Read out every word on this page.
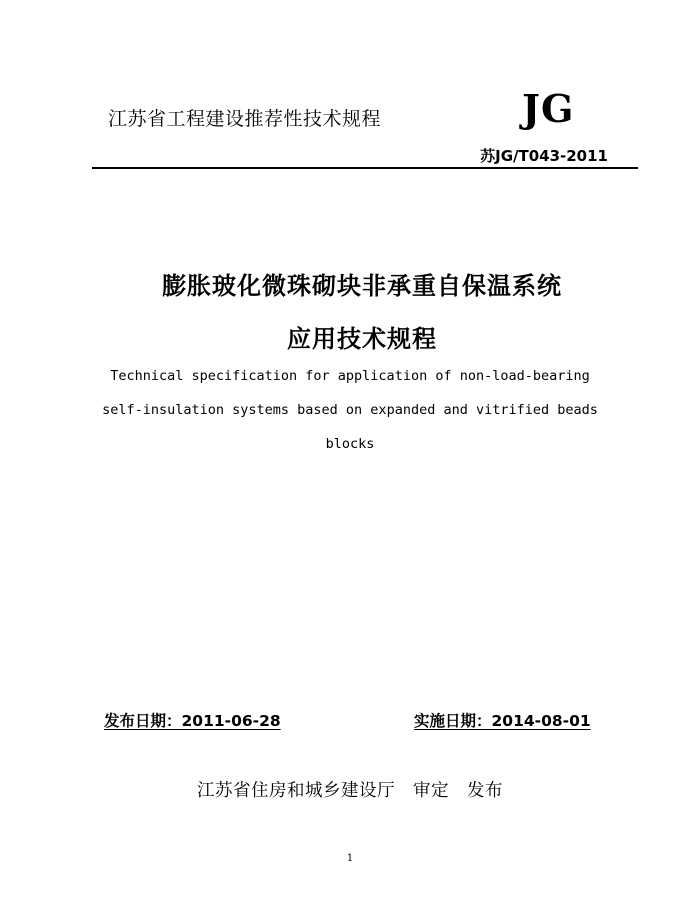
江苏省工程建设推荐性技术规程	JG
苏JG/T043-2011
膨胀玻化微珠砌块非承重自保温系统
应用技术规程
Technical specification for application of non-load-bearing
self-insulation systems based on expanded and vitrified beads
blocks
发布日期：2011-06-28	实施日期：2014-08-01
江苏省住房和城乡建设厅　审定　发布
1
